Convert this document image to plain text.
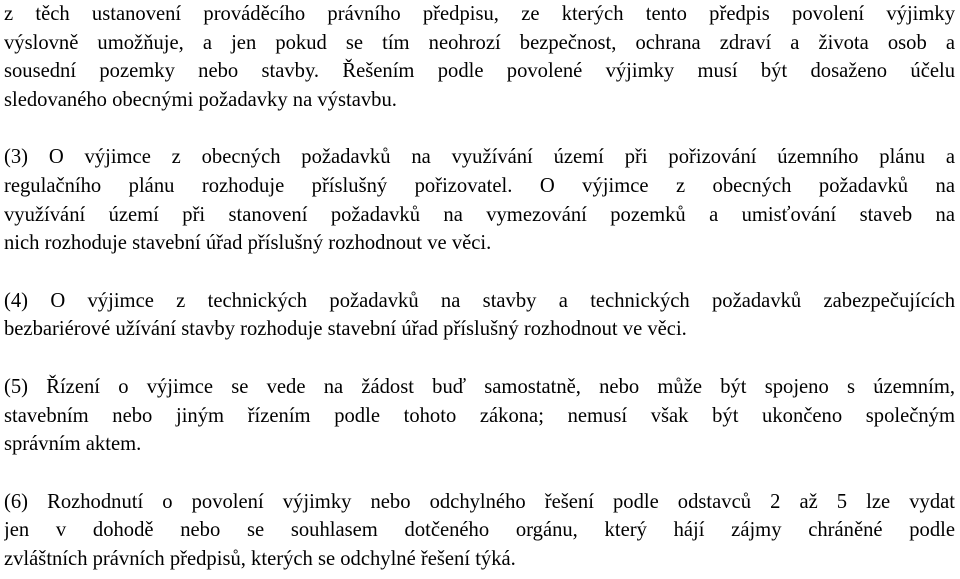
z těch ustanovení prováděcího právního předpisu, ze kterých tento předpis povolení výjimky
výslovně umožňuje, a jen pokud se tím neohrozí bezpečnost, ochrana zdraví a života osob a
sousední pozemky nebo stavby. Řešením podle povolené výjimky musí být dosaženo účelu
sledovaného obecnými požadavky na výstavbu.
(3) O výjimce z obecných požadavků na využívání území při pořizování územního plánu a
regulačního plánu rozhoduje příslušný pořizovatel. O výjimce z obecných požadavků na
využívání území při stanovení požadavků na vymezování pozemků a umisťování staveb na
nich rozhoduje stavební úřad příslušný rozhodnout ve věci.
(4) O výjimce z technických požadavků na stavby a technických požadavků zabezpečujících
bezbariérové užívání stavby rozhoduje stavební úřad příslušný rozhodnout ve věci.
(5) Řízení o výjimce se vede na žádost buď samostatně, nebo může být spojeno s územním,
stavebním nebo jiným řízením podle tohoto zákona; nemusí však být ukončeno společným
správním aktem.
(6) Rozhodnutí o povolení výjimky nebo odchylného řešení podle odstavců 2 až 5 lze vydat
jen v dohodě nebo se souhlasem dotčeného orgánu, který hájí zájmy chráněné podle
zvláštních právních předpisů, kterých se odchylné řešení týká.
